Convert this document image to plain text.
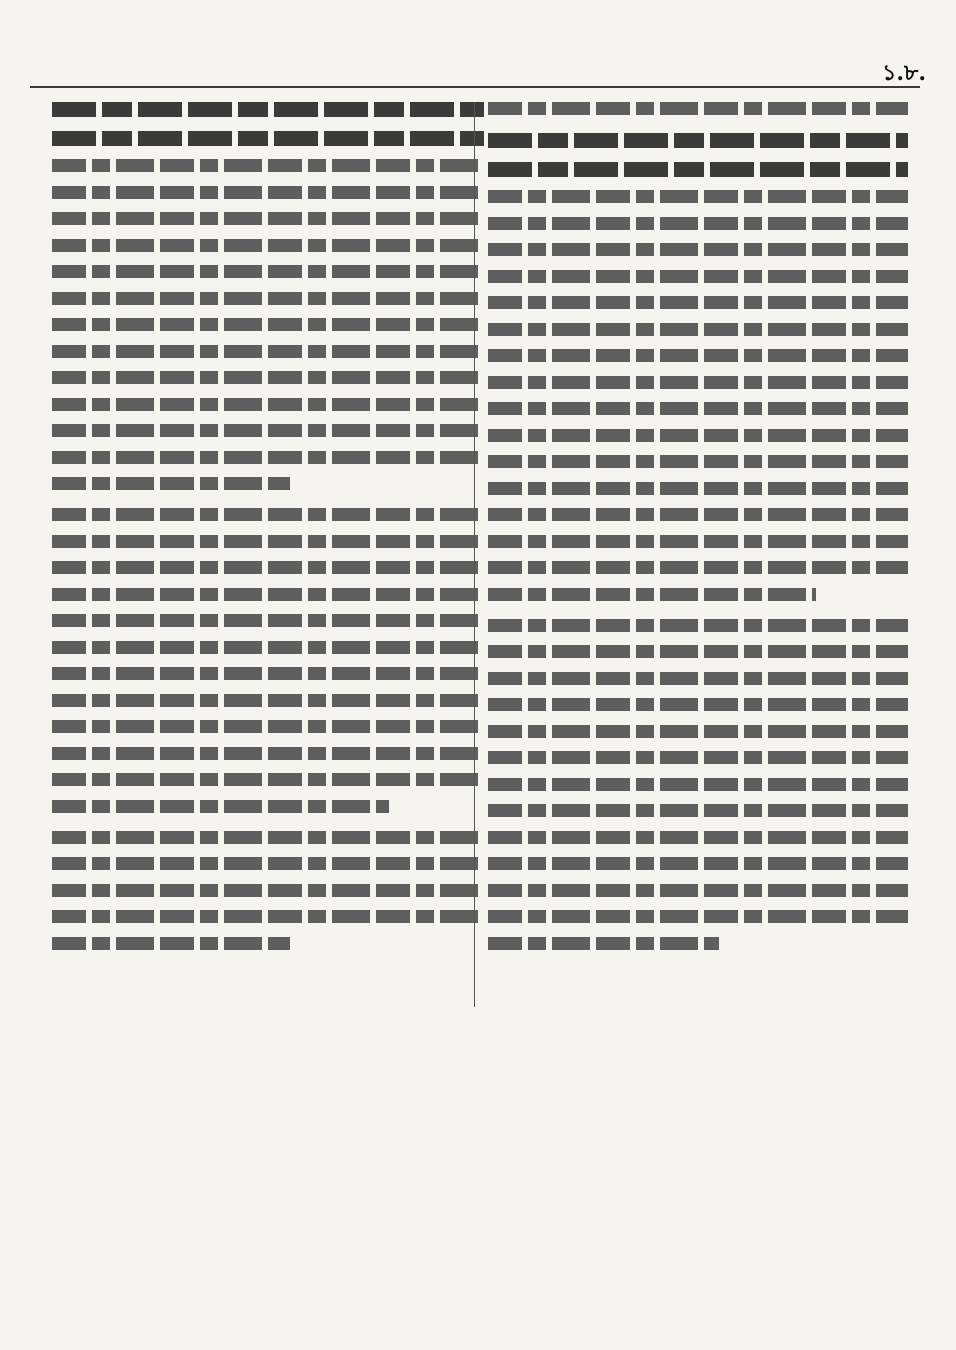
১.৮.
